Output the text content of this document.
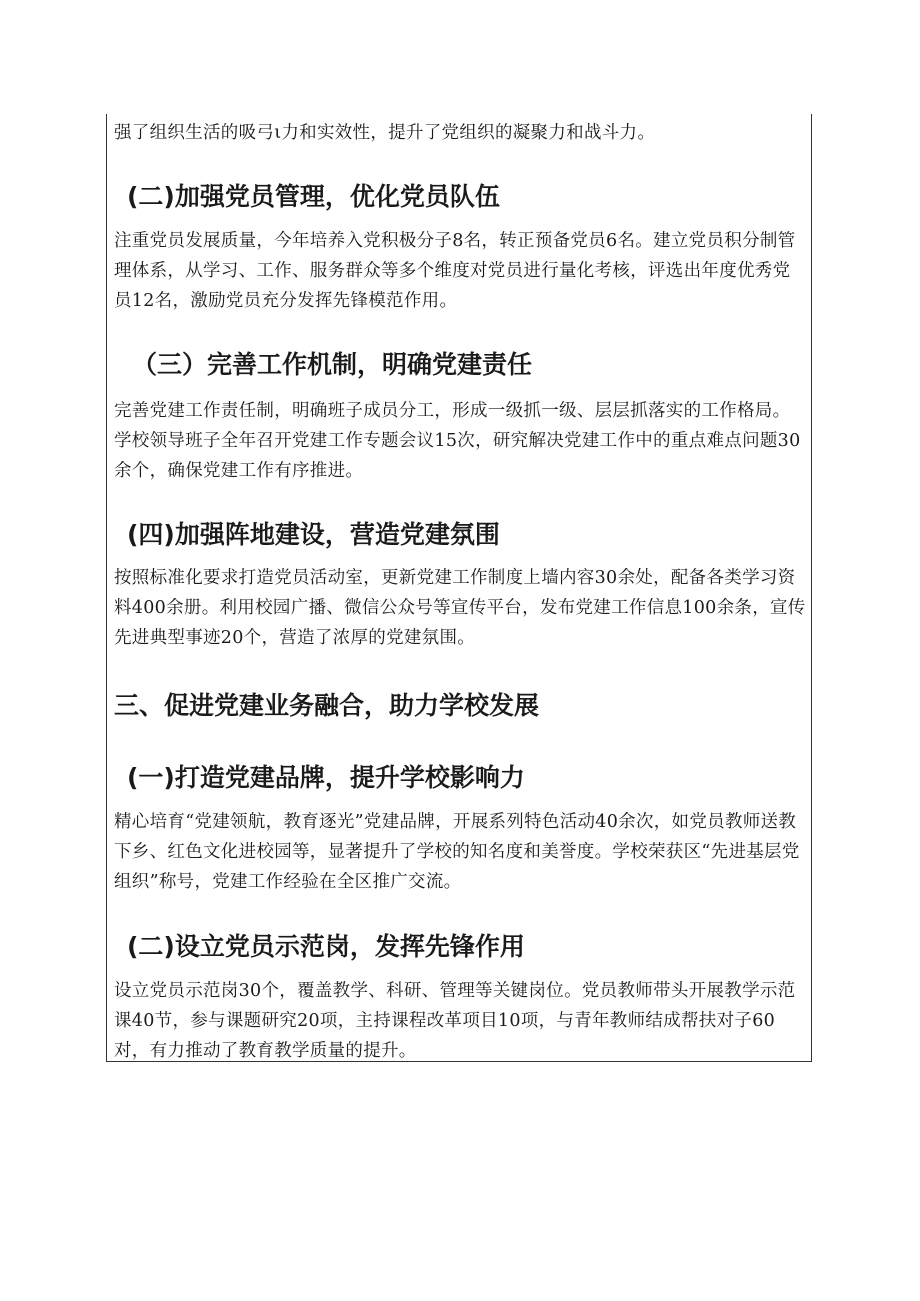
强了组织生活的吸弓ι力和实效性，提升了党组织的凝聚力和战斗力。

(二)加强党员管理，优化党员队伍

注重党员发展质量，今年培养入党积极分子8名，转正预备党员6名。建立党员积分制管理体系，从学习、工作、服务群众等多个维度对党员进行量化考核，评选出年度优秀党员12名，激励党员充分发挥先锋模范作用。

（三）完善工作机制，明确党建责任

完善党建工作责任制，明确班子成员分工，形成一级抓一级、层层抓落实的工作格局。学校领导班子全年召开党建工作专题会议15次，研究解决党建工作中的重点难点问题30余个，确保党建工作有序推进。

(四)加强阵地建设，营造党建氛围

按照标准化要求打造党员活动室，更新党建工作制度上墙内容30余处，配备各类学习资料400余册。利用校园广播、微信公众号等宣传平台，发布党建工作信息100余条，宣传先进典型事迹20个，营造了浓厚的党建氛围。

三、促进党建业务融合，助力学校发展
(一)打造党建品牌，提升学校影响力

精心培育“党建领航，教育逐光”党建品牌，开展系列特色活动40余次，如党员教师送教下乡、红色文化进校园等，显著提升了学校的知名度和美誉度。学校荣获区“先进基层党组织”称号，党建工作经验在全区推广交流。

(二)设立党员示范岗，发挥先锋作用

设立党员示范岗30个，覆盖教学、科研、管理等关键岗位。党员教师带头开展教学示范课40节，参与课题研究20项，主持课程改革项目10项，与青年教师结成帮扶对子60对，有力推动了教育教学质量的提升。
